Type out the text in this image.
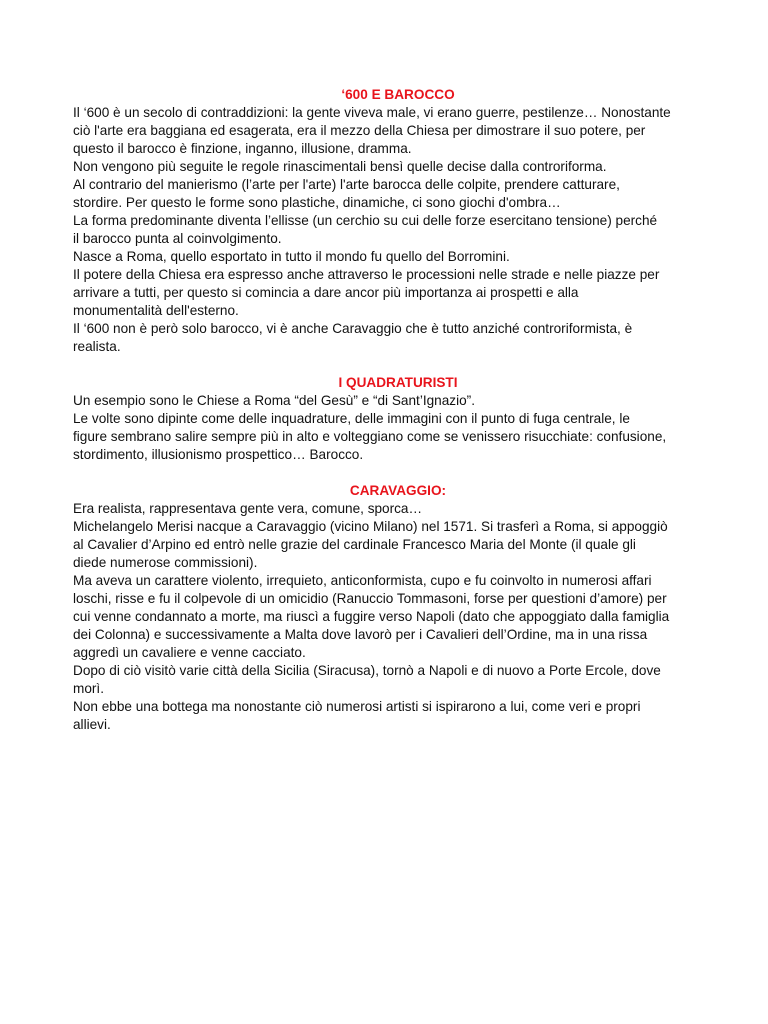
‘600 E BAROCCO

Il ‘600 è un secolo di contraddizioni: la gente viveva male, vi erano guerre, pestilenze… Nonostante

ciò l'arte era baggiana ed esagerata, era il mezzo della Chiesa per dimostrare il suo potere, per

questo il barocco è finzione, inganno, illusione, dramma.

Non vengono più seguite le regole rinascimentali bensì quelle decise dalla controriforma.

Al contrario del manierismo (l’arte per l'arte) l'arte barocca delle colpite, prendere catturare,

stordire. Per questo le forme sono plastiche, dinamiche, ci sono giochi d'ombra…

La forma predominante diventa l’ellisse (un cerchio su cui delle forze esercitano tensione) perché

il barocco punta al coinvolgimento.

Nasce a Roma, quello esportato in tutto il mondo fu quello del Borromini.

Il potere della Chiesa era espresso anche attraverso le processioni nelle strade e nelle piazze per

arrivare a tutti, per questo si comincia a dare ancor più importanza ai prospetti e alla

monumentalità dell'esterno.

Il ‘600 non è però solo barocco, vi è anche Caravaggio che è tutto anziché controriformista, è

realista.

I QUADRATURISTI

Un esempio sono le Chiese a Roma “del Gesù” e “di Sant’Ignazio”.

Le volte sono dipinte come delle inquadrature, delle immagini con il punto di fuga centrale, le

figure sembrano salire sempre più in alto e volteggiano come se venissero risucchiate: confusione,

stordimento, illusionismo prospettico… Barocco.

CARAVAGGIO:

Era realista, rappresentava gente vera, comune, sporca…

Michelangelo Merisi nacque a Caravaggio (vicino Milano) nel 1571. Si trasferì a Roma, si appoggiò

al Cavalier d’Arpino ed entrò nelle grazie del cardinale Francesco Maria del Monte (il quale gli

diede numerose commissioni).

Ma aveva un carattere violento, irrequieto, anticonformista, cupo e fu coinvolto in numerosi affari

loschi, risse e fu il colpevole di un omicidio (Ranuccio Tommasoni, forse per questioni d’amore) per

cui venne condannato a morte, ma riuscì a fuggire verso Napoli (dato che appoggiato dalla famiglia

dei Colonna) e successivamente a Malta dove lavorò per i Cavalieri dell’Ordine, ma in una rissa

aggredì un cavaliere e venne cacciato.

Dopo di ciò visitò varie città della Sicilia (Siracusa), tornò a Napoli e di nuovo a Porte Ercole, dove

morì.

Non ebbe una bottega ma nonostante ciò numerosi artisti si ispirarono a lui, come veri e propri

allievi.
